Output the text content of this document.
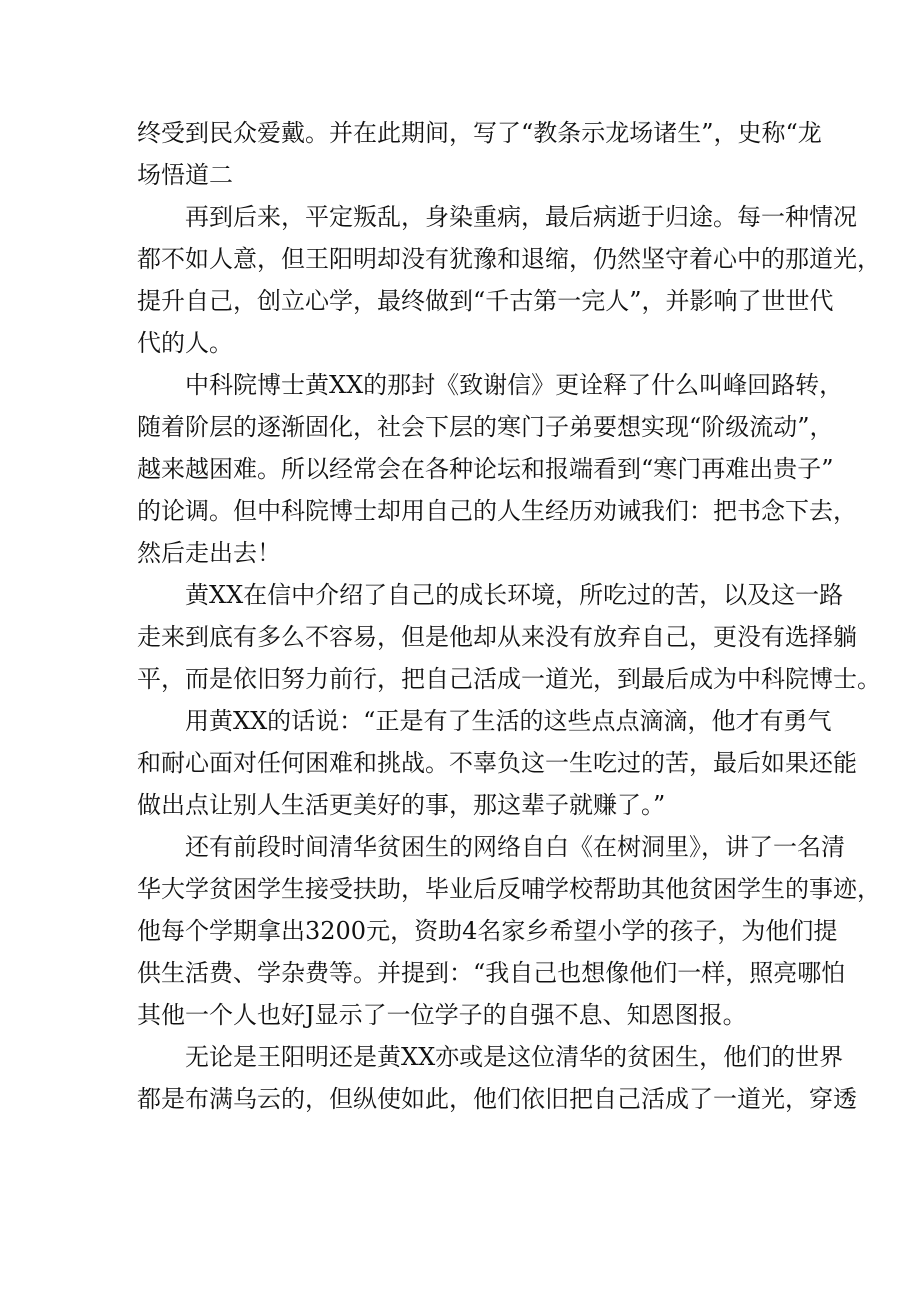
终受到民众爱戴。并在此期间，写了“教条示龙场诸生”，史称“龙
场悟道二
再到后来，平定叛乱，身染重病，最后病逝于归途。每一种情况
都不如人意，但王阳明却没有犹豫和退缩，仍然坚守着心中的那道光，
提升自己，创立心学，最终做到“千古第一完人”，并影响了世世代
代的人。
中科院博士黄XX的那封《致谢信》更诠释了什么叫峰回路转，
随着阶层的逐渐固化，社会下层的寒门子弟要想实现“阶级流动”，
越来越困难。所以经常会在各种论坛和报端看到“寒门再难出贵子”
的论调。但中科院博士却用自己的人生经历劝诫我们：把书念下去，
然后走出去！
黄XX在信中介绍了自己的成长环境，所吃过的苦，以及这一路
走来到底有多么不容易，但是他却从来没有放弃自己，更没有选择躺
平，而是依旧努力前行，把自己活成一道光，到最后成为中科院博士。
用黄XX的话说：“正是有了生活的这些点点滴滴，他才有勇气
和耐心面对任何困难和挑战。不辜负这一生吃过的苦，最后如果还能
做出点让别人生活更美好的事，那这辈子就赚了。”
还有前段时间清华贫困生的网络自白《在树洞里》，讲了一名清
华大学贫困学生接受扶助，毕业后反哺学校帮助其他贫困学生的事迹，
他每个学期拿出3200元，资助4名家乡希望小学的孩子，为他们提
供生活费、学杂费等。并提到：“我自己也想像他们一样，照亮哪怕
其他一个人也好J显示了一位学子的自强不息、知恩图报。
无论是王阳明还是黄XX亦或是这位清华的贫困生，他们的世界
都是布满乌云的，但纵使如此，他们依旧把自己活成了一道光，穿透
